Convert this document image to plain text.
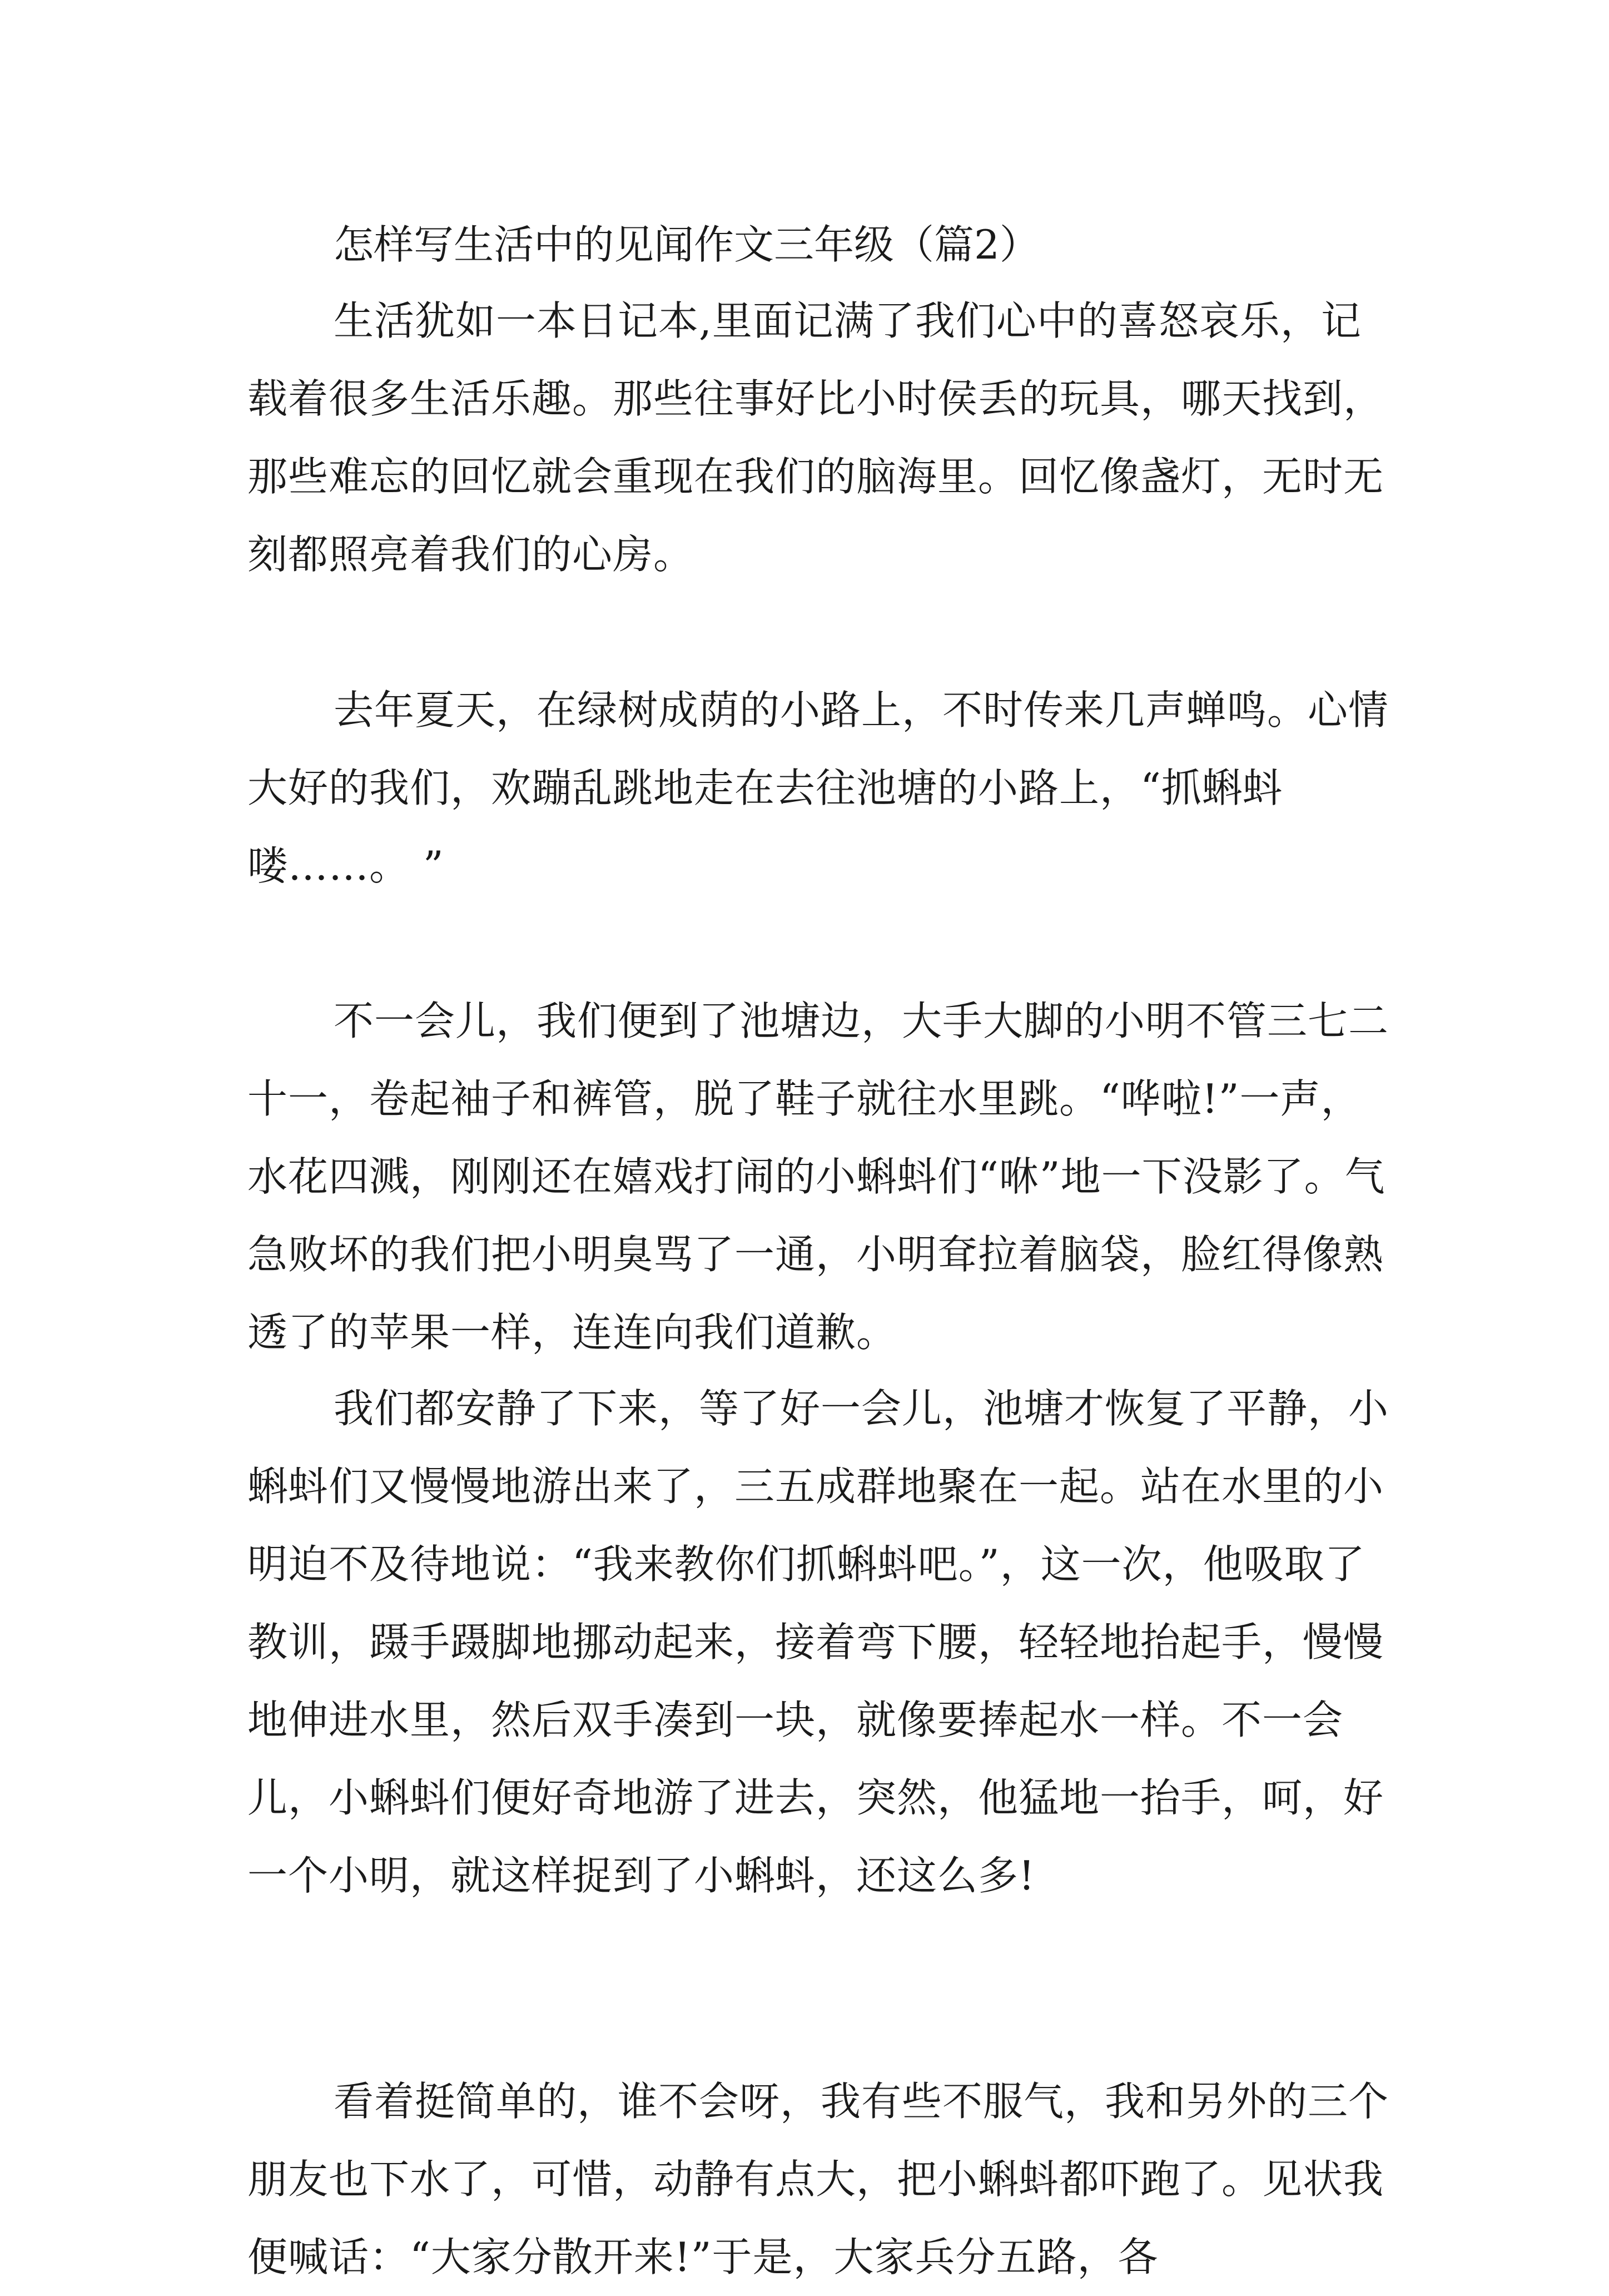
怎样写生活中的见闻作文三年级（篇2）

生活犹如一本日记本,里面记满了我们心中的喜怒哀乐，记载着很多生活乐趣。那些往事好比小时侯丢的玩具，哪天找到，那些难忘的回忆就会重现在我们的脑海里。回忆像盏灯，无时无刻都照亮着我们的心房。

去年夏天，在绿树成荫的小路上，不时传来几声蝉鸣。心情大好的我们，欢蹦乱跳地走在去往池塘的小路上，“抓蝌蚪喽……。 ”

不一会儿，我们便到了池塘边，大手大脚的小明不管三七二十一，卷起袖子和裤管，脱了鞋子就往水里跳。“哗啦!”一声，水花四溅，刚刚还在嬉戏打闹的小蝌蚪们“咻”地一下没影了。气急败坏的我们把小明臭骂了一通，小明耷拉着脑袋，脸红得像熟透了的苹果一样，连连向我们道歉。

我们都安静了下来，等了好一会儿，池塘才恢复了平静，小蝌蚪们又慢慢地游出来了，三五成群地聚在一起。站在水里的小明迫不及待地说：“我来教你们抓蝌蚪吧。”，这一次，他吸取了教训，蹑手蹑脚地挪动起来，接着弯下腰，轻轻地抬起手，慢慢地伸进水里，然后双手凑到一块，就像要捧起水一样。不一会儿，小蝌蚪们便好奇地游了进去，突然，他猛地一抬手，呵，好一个小明，就这样捉到了小蝌蚪，还这么多!

看着挺简单的，谁不会呀，我有些不服气，我和另外的三个朋友也下水了，可惜，动静有点大，把小蝌蚪都吓跑了。见状我便喊话：“大家分散开来!”于是，大家兵分五路，各
